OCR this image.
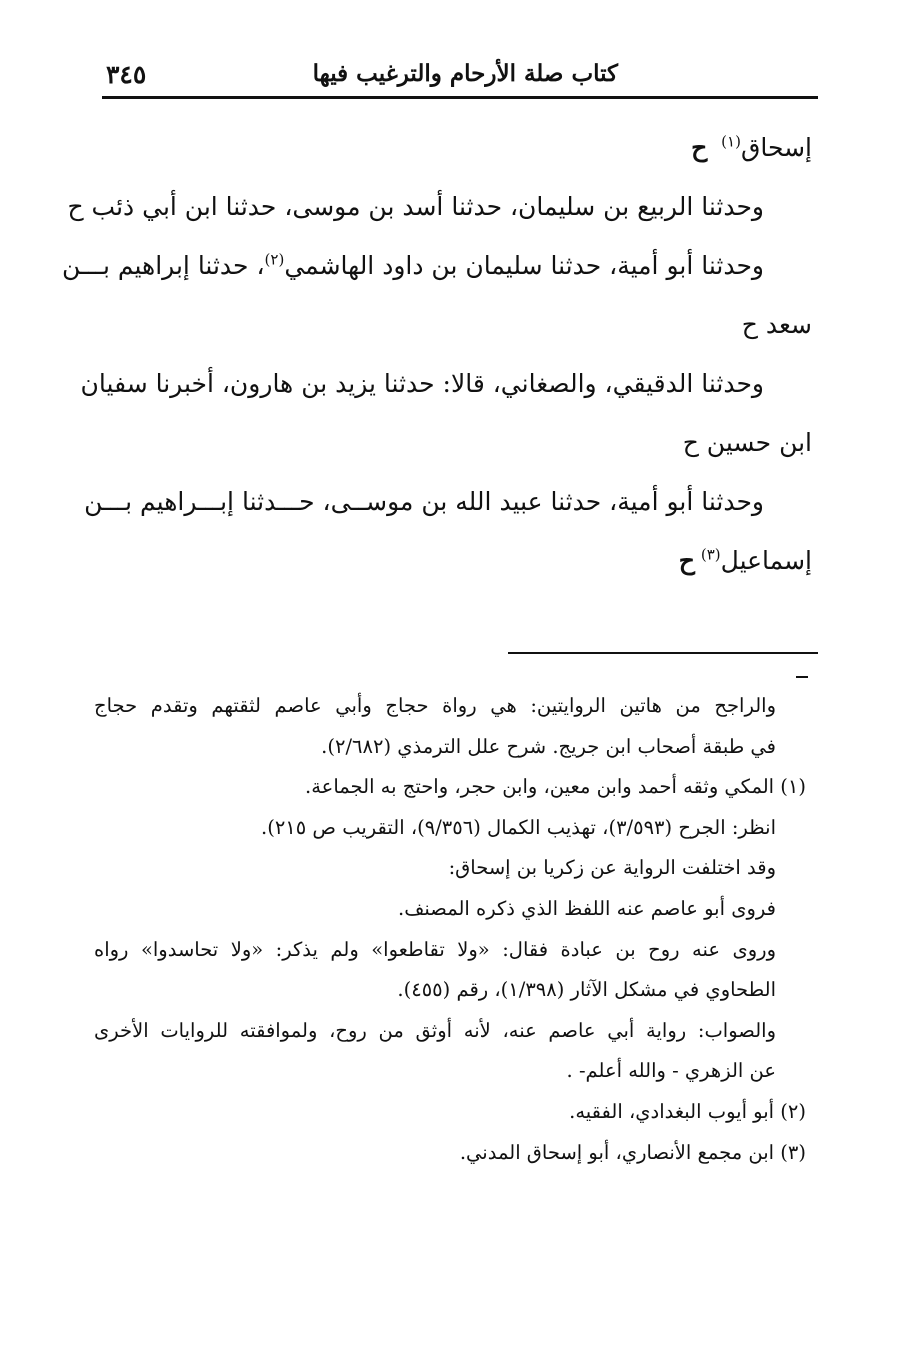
كتاب صلة الأرحام والترغيب فيها
٣٤٥
إسحاق$^{(١)}$ ح
وحدثنا الربيع بن سليمان، حدثنا أسد بن موسى، حدثنا ابن أبي ذئب ح
وحدثنا أبو أمية، حدثنا سليمان بن داود الهاشمي$^{(٢)}$، حدثنا إبراهيم بـــن
سعد ح
وحدثنا الدقيقي، والصغاني، قالا: حدثنا يزيد بن هارون، أخبرنا سفيان
ابن حسين ح
وحدثنا أبو أمية، حدثنا عبيد الله بن موســى، حـــدثنا إبـــراهيم بـــن
إسماعيل$^{(٣)}$ح
والراجح من هاتين الروايتين: هي رواة حجاج وأبي عاصم لثقتهم وتقدم حجاج
في طبقة أصحاب ابن جريج. شرح علل الترمذي (٢/٦٨٢).
(١) المكي وثقه أحمد وابن معين، وابن حجر، واحتج به الجماعة.
انظر: الجرح (٣/٥٩٣)، تهذيب الكمال (٩/٣٥٦)، التقريب ص ٢١٥).
وقد اختلفت الرواية عن زكريا بن إسحاق:
فروى أبو عاصم عنه اللفظ الذي ذكره المصنف.
وروى عنه روح بن عبادة فقال: «ولا تقاطعوا» ولم يذكر: «ولا تحاسدوا» رواه
الطحاوي في مشكل الآثار (١/٣٩٨)، رقم (٤٥٥).
والصواب: رواية أبي عاصم عنه، لأنه أوثق من روح، ولموافقته للروايات الأخرى
عن الزهري - والله أعلم- .
(٢) أبو أيوب البغدادي، الفقيه.
(٣) ابن مجمع الأنصاري، أبو إسحاق المدني.
